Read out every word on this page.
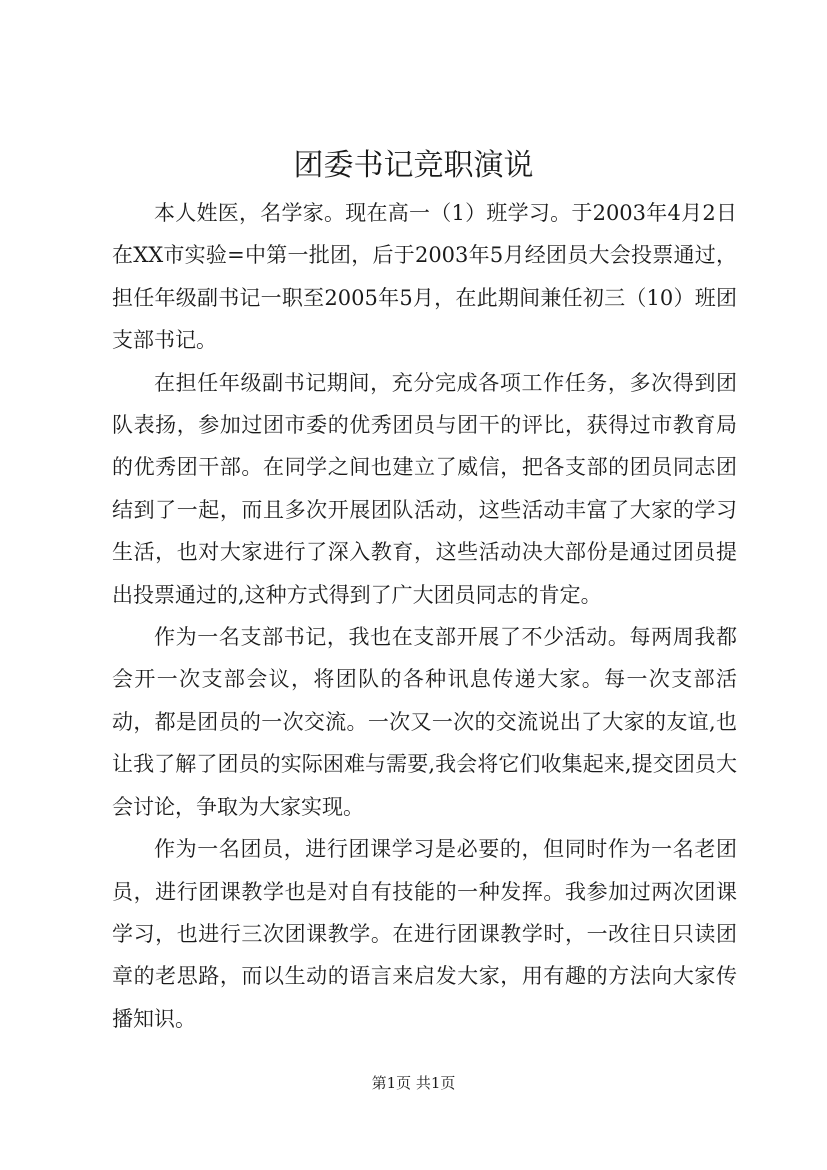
团委书记竞职演说

本人姓医，名学家。现在高一（1）班学习。于2003年4月2日在XX市实验=中第一批团，后于2003年5月经团员大会投票通过，担任年级副书记一职至2005年5月，在此期间兼任初三（10）班团支部书记。

在担任年级副书记期间，充分完成各项工作任务，多次得到团队表扬，参加过团市委的优秀团员与团干的评比，获得过市教育局的优秀团干部。在同学之间也建立了威信，把各支部的团员同志团结到了一起，而且多次开展团队活动，这些活动丰富了大家的学习生活，也对大家进行了深入教育，这些活动决大部份是通过团员提出投票通过的,这种方式得到了广大团员同志的肯定。

作为一名支部书记，我也在支部开展了不少活动。每两周我都会开一次支部会议，将团队的各种讯息传递大家。每一次支部活动，都是团员的一次交流。一次又一次的交流说出了大家的友谊,也让我了解了团员的实际困难与需要,我会将它们收集起来,提交团员大会讨论，争取为大家实现。

作为一名团员，进行团课学习是必要的，但同时作为一名老团员，进行团课教学也是对自有技能的一种发挥。我参加过两次团课学习，也进行三次团课教学。在进行团课教学时，一改往日只读团章的老思路，而以生动的语言来启发大家，用有趣的方法向大家传播知识。

第1页 共1页
